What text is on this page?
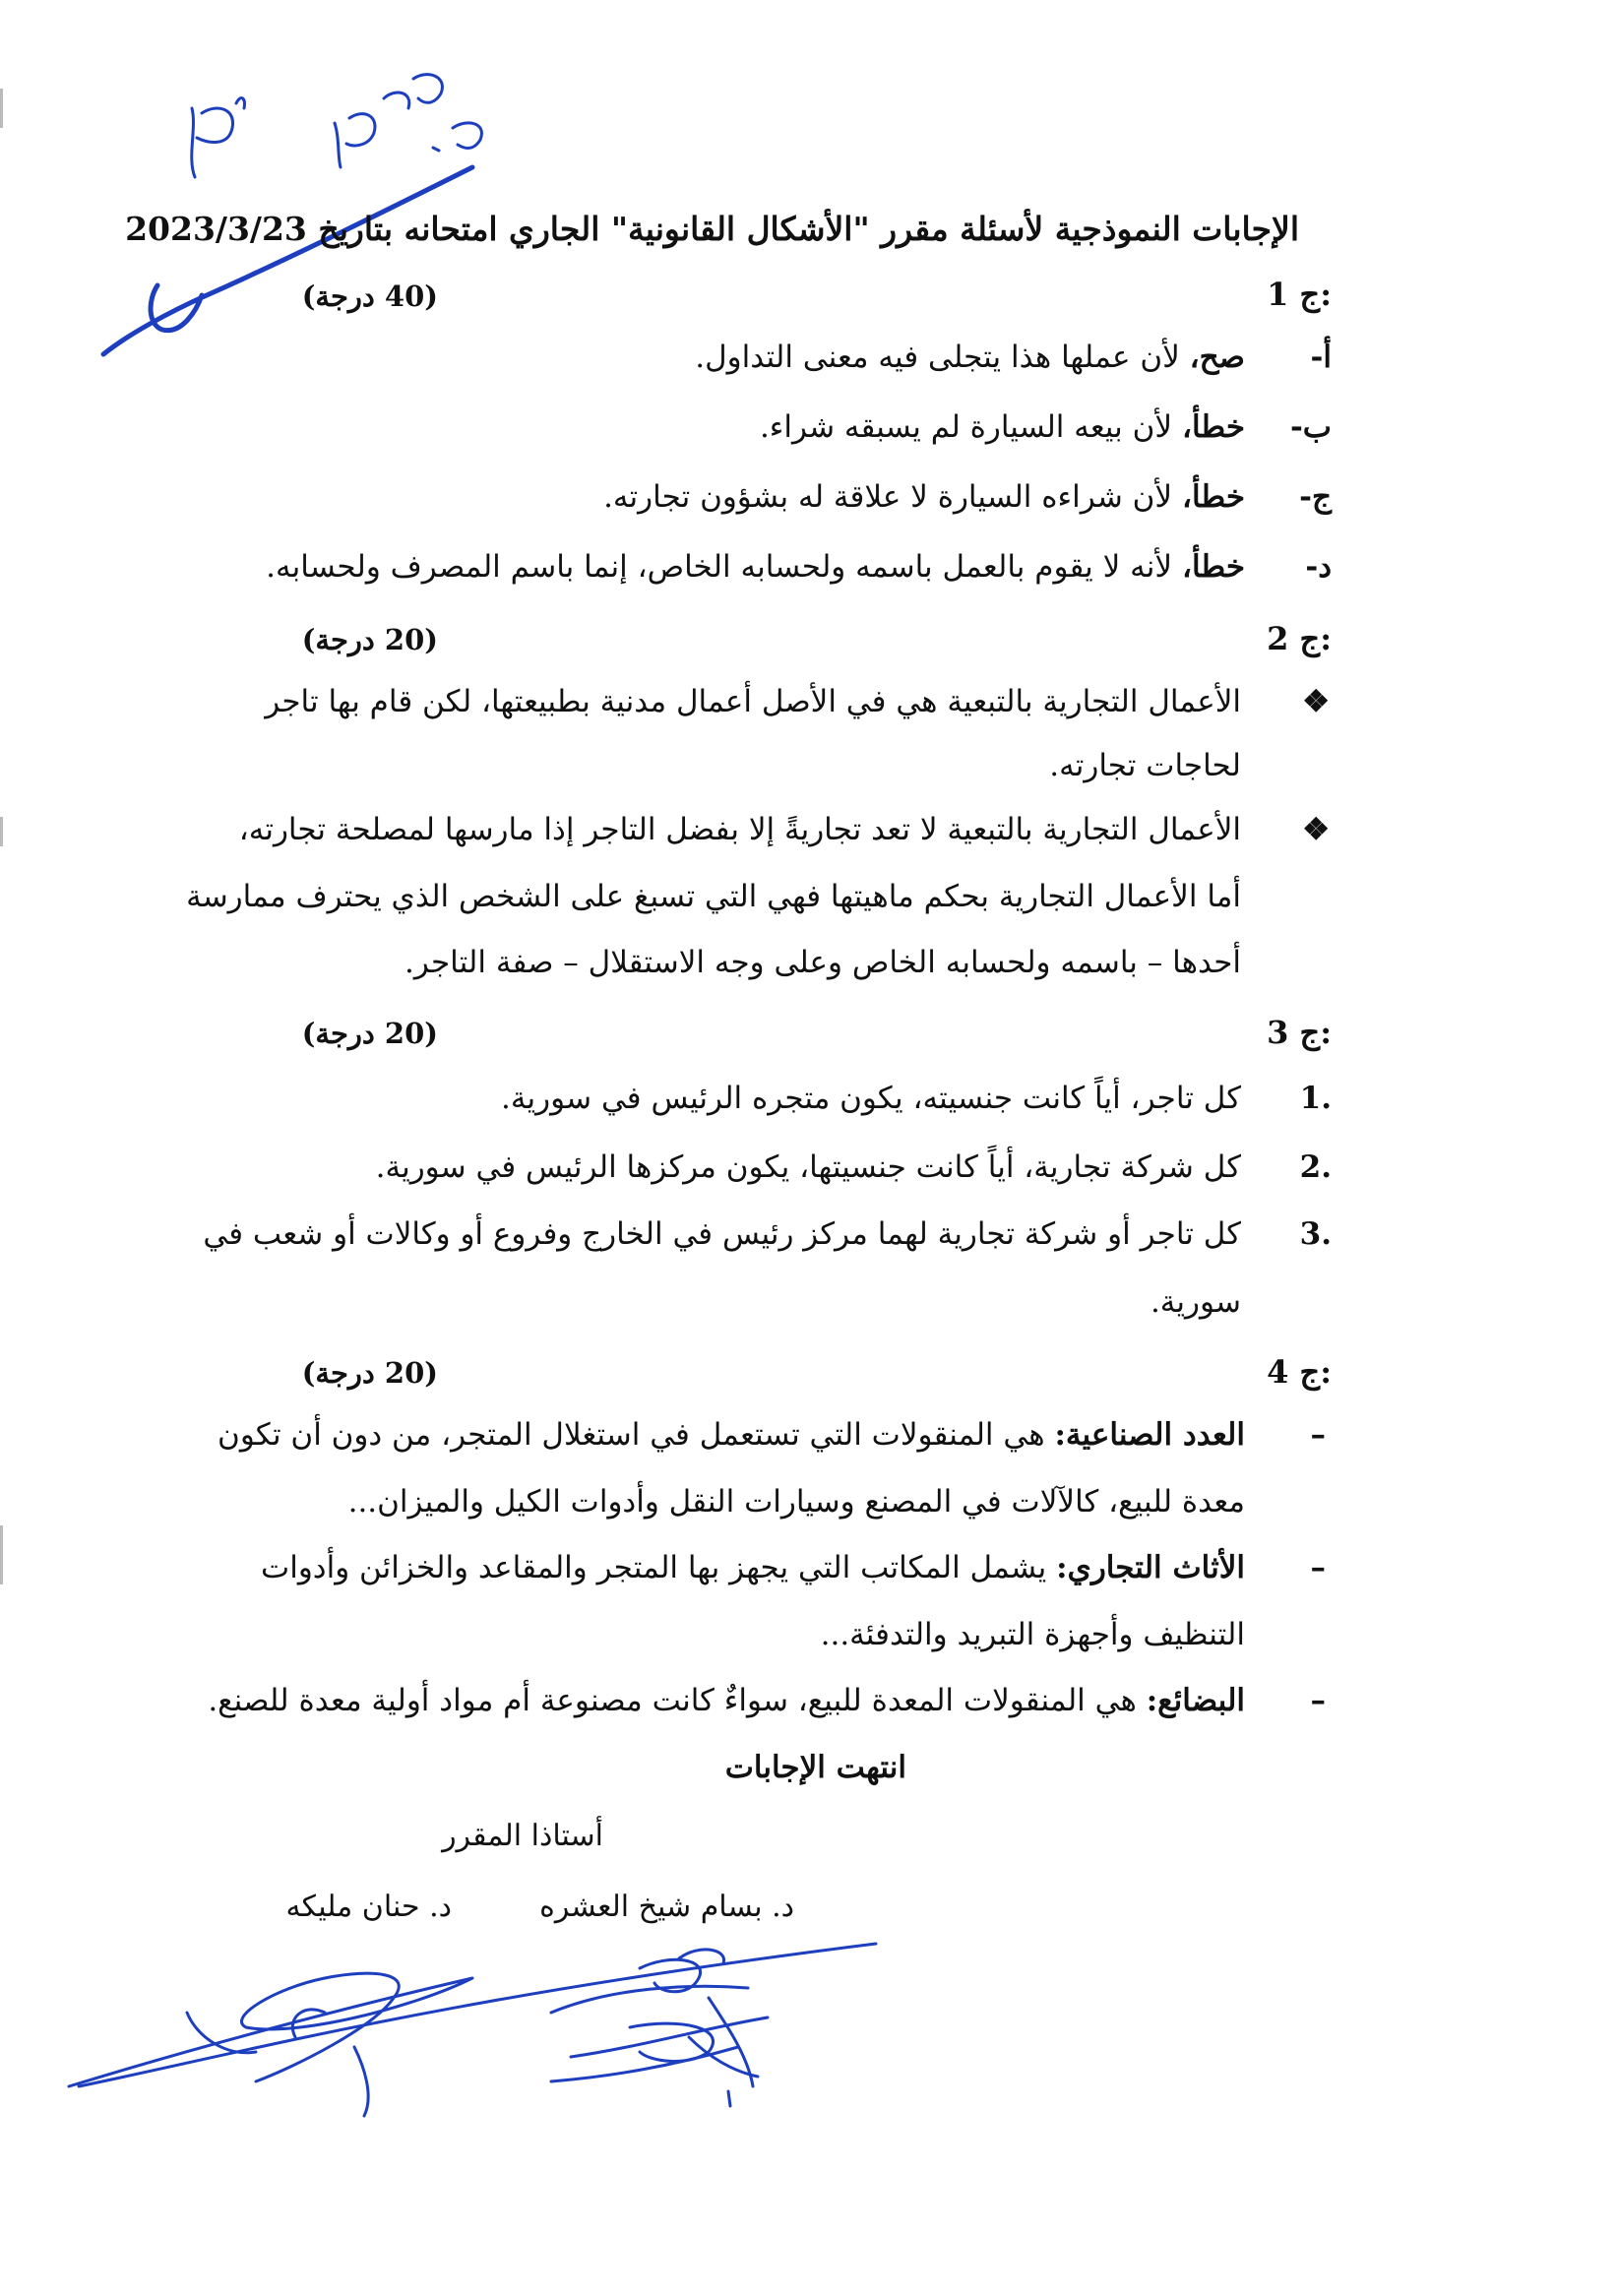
الإجابات النموذجية لأسئلة مقرر "الأشكال القانونية" الجاري امتحانه بتاريخ 2023/3/23
ج 1:
(40 درجة)
أ-
صح، لأن عملها هذا يتجلى فيه معنى التداول.
ب-
خطأ، لأن بيعه السيارة لم يسبقه شراء.
ج-
خطأ، لأن شراءه السيارة لا علاقة له بشؤون تجارته.
د-
خطأ، لأنه لا يقوم بالعمل باسمه ولحسابه الخاص، إنما باسم المصرف ولحسابه.
ج 2:
(20 درجة)
❖
الأعمال التجارية بالتبعية هي في الأصل أعمال مدنية بطبيعتها، لكن قام بها تاجر
لحاجات تجارته.
❖
الأعمال التجارية بالتبعية لا تعد تجاريةً إلا بفضل التاجر إذا مارسها لمصلحة تجارته،
أما الأعمال التجارية بحكم ماهيتها فهي التي تسبغ على الشخص الذي يحترف ممارسة
أحدها – باسمه ولحسابه الخاص وعلى وجه الاستقلال – صفة التاجر.
ج 3:
(20 درجة)
.1
كل تاجر، أياً كانت جنسيته، يكون متجره الرئيس في سورية.
.2
كل شركة تجارية، أياً كانت جنسيتها، يكون مركزها الرئيس في سورية.
.3
كل تاجر أو شركة تجارية لهما مركز رئيس في الخارج وفروع أو وكالات أو شعب في
سورية.
ج 4:
(20 درجة)
–
العدد الصناعية: هي المنقولات التي تستعمل في استغلال المتجر، من دون أن تكون
معدة للبيع، كالآلات في المصنع وسيارات النقل وأدوات الكيل والميزان...
–
الأثاث التجاري: يشمل المكاتب التي يجهز بها المتجر والمقاعد والخزائن وأدوات
التنظيف وأجهزة التبريد والتدفئة...
–
البضائع: هي المنقولات المعدة للبيع، سواءٌ كانت مصنوعة أم مواد أولية معدة للصنع.
انتهت الإجابات
أستاذا المقرر
د. بسام شيخ العشره
د. حنان مليكه
